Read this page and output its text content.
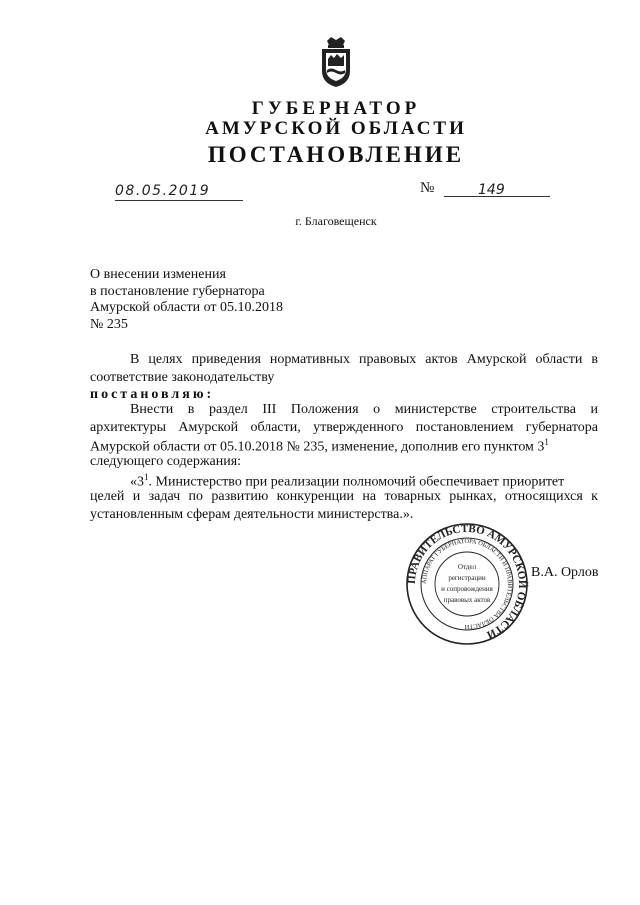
ГУБЕРНАТОР
АМУРСКОЙ ОБЛАСТИ
ПОСТАНОВЛЕНИЕ
08.05.2019	№	149
г. Благовещенск
О внесении изменения
в постановление губернатора
Амурской области от 05.10.2018
№ 235
В целях приведения нормативных правовых актов Амурской области в
соответствие законодательству
постановляю:
Внести в раздел III Положения о министерстве строительства и
архитектуры Амурской области, утвержденного постановлением губернатора
Амурской области от 05.10.2018 № 235, изменение, дополнив его пунктом $3^1$
следующего содержания:
«$3^1$. Министерство при реализации полномочий обеспечивает приоритет
целей и задач по развитию конкуренции на товарных рынках, относящихся к
установленным сферам деятельности министерства.».
ПРАВИТЕЛЬСТВО АМУРСКОЙ ОБЛАСТИ
АППАРАТ ГУБЕРНАТОРА ОБЛАСТИ И ПРАВИТЕЛЬСТВА ОБЛАСТИ
Отдел
регистрации
и сопровождения
правовых актов
В.А. Орлов
